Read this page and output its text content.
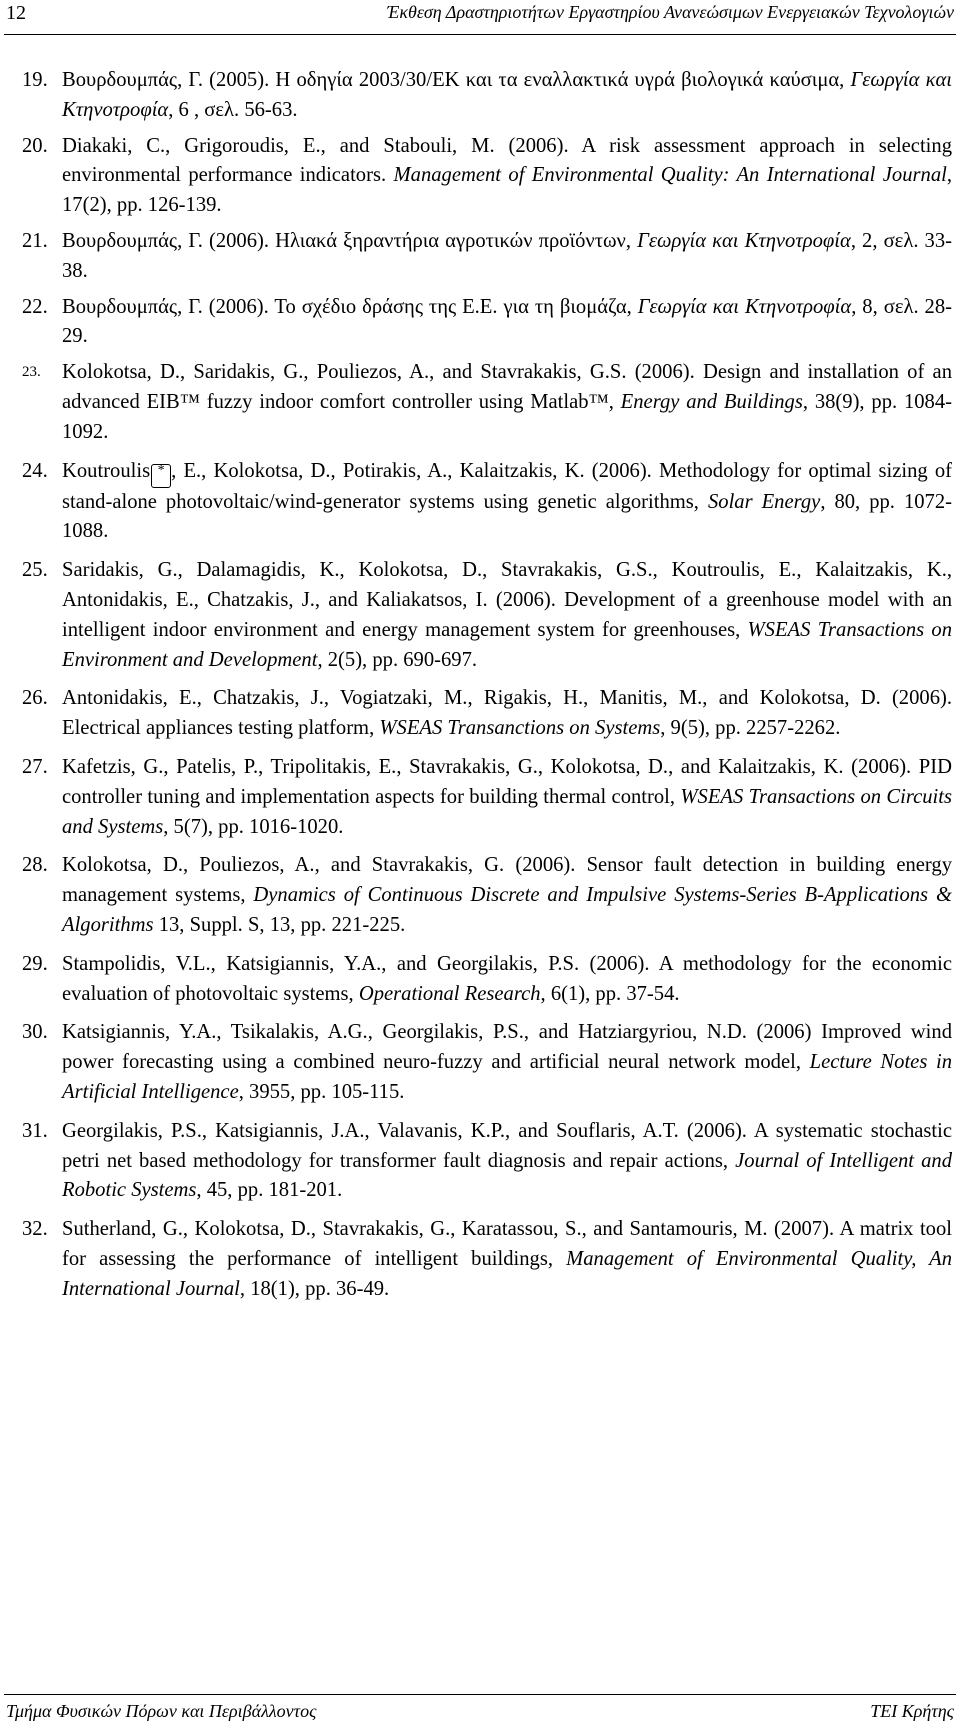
12	Έκθεση Δραστηριοτήτων Εργαστηρίου Ανανεώσιμων Ενεργειακών Τεχνολογιών
19. Βουρδουμπάς, Γ. (2005). Η οδηγία 2003/30/ΕΚ και τα εναλλακτικά υγρά βιολογικά καύσιμα, Γεωργία και Κτηνοτροφία, 6 , σελ. 56-63.
20. Diakaki, C., Grigoroudis, E., and Stabouli, M. (2006). A risk assessment approach in selecting environmental performance indicators. Management of Environmental Quality: An International Journal, 17(2), pp. 126-139.
21. Βουρδουμπάς, Γ. (2006). Ηλιακά ξηραντήρια αγροτικών προϊόντων, Γεωργία και Κτηνοτροφία, 2, σελ. 33-38.
22. Βουρδουμπάς, Γ. (2006). Το σχέδιο δράσης της Ε.Ε. για τη βιομάζα, Γεωργία και Κτηνοτροφία, 8, σελ. 28-29.
23. Kolokotsa, D., Saridakis, G., Pouliezos, A., and Stavrakakis, G.S. (2006). Design and installation of an advanced EIB™ fuzzy indoor comfort controller using Matlab™, Energy and Buildings, 38(9), pp. 1084-1092.
24. Koutroulis * , E., Kolokotsa, D., Potirakis, A., Kalaitzakis, K. (2006). Methodology for optimal sizing of stand-alone photovoltaic/wind-generator systems using genetic algorithms, Solar Energy, 80, pp. 1072-1088.
25. Saridakis, G., Dalamagidis, K., Kolokotsa, D., Stavrakakis, G.S., Koutroulis, E., Kalaitzakis, K., Antonidakis, E., Chatzakis, J., and Kaliakatsos, I. (2006). Development of a greenhouse model with an intelligent indoor environment and energy management system for greenhouses, WSEAS Transactions on Environment and Development, 2(5), pp. 690-697.
26. Antonidakis, E., Chatzakis, J., Vogiatzaki, M., Rigakis, H., Manitis, M., and Kolokotsa, D. (2006). Electrical appliances testing platform, WSEAS Transanctions on Systems, 9(5), pp. 2257-2262.
27. Kafetzis, G., Patelis, P., Tripolitakis, E., Stavrakakis, G., Kolokotsa, D., and Kalaitzakis, K. (2006). PID controller tuning and implementation aspects for building thermal control, WSEAS Transactions on Circuits and Systems, 5(7), pp. 1016-1020.
28. Kolokotsa, D., Pouliezos, A., and Stavrakakis, G. (2006). Sensor fault detection in building energy management systems, Dynamics of Continuous Discrete and Impulsive Systems-Series B-Applications & Algorithms 13, Suppl. S, 13, pp. 221-225.
29. Stampolidis, V.L., Katsigiannis, Y.A., and Georgilakis, P.S. (2006). A methodology for the economic evaluation of photovoltaic systems, Operational Research, 6(1), pp. 37-54.
30. Katsigiannis, Y.A., Tsikalakis, A.G., Georgilakis, P.S., and Hatziargyriou, N.D. (2006) Improved wind power forecasting using a combined neuro-fuzzy and artificial neural network model, Lecture Notes in Artificial Intelligence, 3955, pp. 105-115.
31. Georgilakis, P.S., Katsigiannis, J.A., Valavanis, K.P., and Souflaris, A.T. (2006). A systematic stochastic petri net based methodology for transformer fault diagnosis and repair actions, Journal of Intelligent and Robotic Systems, 45, pp. 181-201.
32. Sutherland, G., Kolokotsa, D., Stavrakakis, G., Karatassou, S., and Santamouris, M. (2007). A matrix tool for assessing the performance of intelligent buildings, Management of Environmental Quality, An International Journal, 18(1), pp. 36-49.
Τμήμα Φυσικών Πόρων και Περιβάλλοντος	ΤΕΙ Κρήτης
